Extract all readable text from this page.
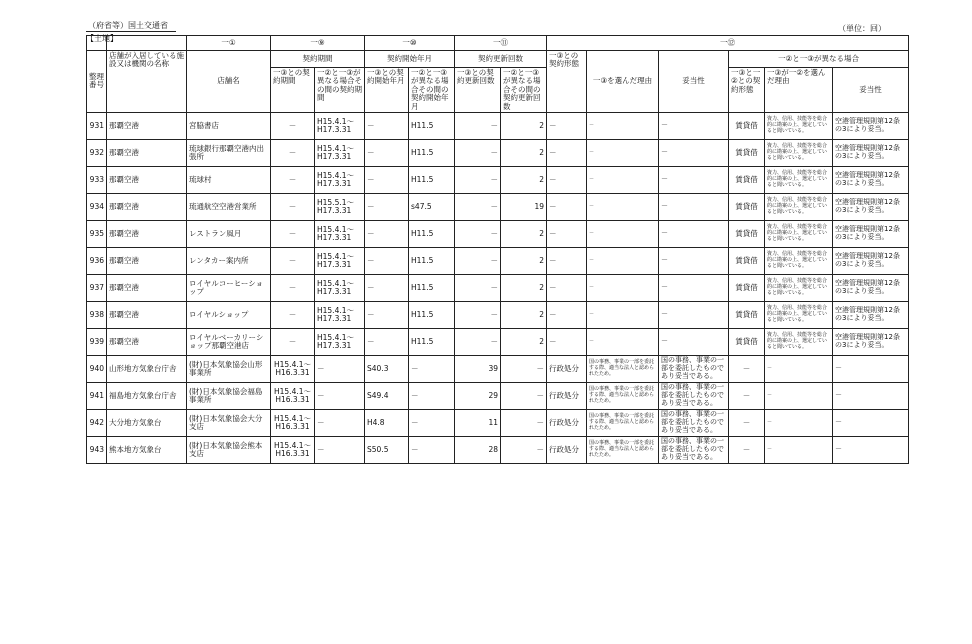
（府省等）国土交通省
【土地】
（単位：回）
		一①	一⑨		一⑩		一⑪		一⑫					
整理番号	店舗が入居している施設又は機関の名称	店舗名	契約期間		契約開始年月		契約更新回数		一③との契約形態	一③を選んだ理由	妥当性	一②と一③が異なる場合		
			一③との契約期間	一②と一③が異なる場合その間の契約期間	一③との契約開始年月	一②と一③が異なる場合その間の契約開始年月	一③との契約更新回数	一②と一③が異なる場合その間の契約更新回数				一③と一②との契約形態	一③が一②を選んだ理由	妥当性
931	那覇空港	宮脇書店	－	H15.4.1～H17.3.31	－	H11.5	－	2	－	－	－	賃貸借	資力、信用、技能等を総合的に勘案の上、選定していると聞いている。	空港管理規則第12条の3により妥当。
932	那覇空港	琉球銀行那覇空港内出張所	－	H15.4.1～H17.3.31	－	H11.5	－	2	－	－	－	賃貸借	資力、信用、技能等を総合的に勘案の上、選定していると聞いている。	空港管理規則第12条の3により妥当。
933	那覇空港	琉球村	－	H15.4.1～H17.3.31	－	H11.5	－	2	－	－	－	賃貸借	資力、信用、技能等を総合的に勘案の上、選定していると聞いている。	空港管理規則第12条の3により妥当。
934	那覇空港	琉通航空空港営業所	－	H15.5.1～H17.3.31	－	s47.5	－	19	－	－	－	賃貸借	資力、信用、技能等を総合的に勘案の上、選定していると聞いている。	空港管理規則第12条の3により妥当。
935	那覇空港	レストラン風月	－	H15.4.1～H17.3.31	－	H11.5	－	2	－	－	－	賃貸借	資力、信用、技能等を総合的に勘案の上、選定していると聞いている。	空港管理規則第12条の3により妥当。
936	那覇空港	レンタカー案内所	－	H15.4.1～H17.3.31	－	H11.5	－	2	－	－	－	賃貸借	資力、信用、技能等を総合的に勘案の上、選定していると聞いている。	空港管理規則第12条の3により妥当。
937	那覇空港	ロイヤルコーヒーショップ	－	H15.4.1～H17.3.31	－	H11.5	－	2	－	－	－	賃貸借	資力、信用、技能等を総合的に勘案の上、選定していると聞いている。	空港管理規則第12条の3により妥当。
938	那覇空港	ロイヤルショップ	－	H15.4.1～H17.3.31	－	H11.5	－	2	－	－	－	賃貸借	資力、信用、技能等を総合的に勘案の上、選定していると聞いている。	空港管理規則第12条の3により妥当。
939	那覇空港	ロイヤルベーカリーショップ那覇空港店	－	H15.4.1～H17.3.31	－	H11.5	－	2	－	－	－	賃貸借	資力、信用、技能等を総合的に勘案の上、選定していると聞いている。	空港管理規則第12条の3により妥当。
940	山形地方気象台庁舎	(財)日本気象協会山形事業所	H15.4.1～H16.3.31	－	S40.3	－	39	－	行政処分	国の事務、事業の一部を委託する際、適当な法人と認められたため。	国の事務、事業の一部を委託したものであり妥当である。	－	－	－
941	福島地方気象台庁舎	(財)日本気象協会福島事業所	H15.4.1～H16.3.31	－	S49.4	－	29	－	行政処分	国の事務、事業の一部を委託する際、適当な法人と認められたため。	国の事務、事業の一部を委託したものであり妥当である。	－	－	－
942	大分地方気象台	(財)日本気象協会大分支店	H15.4.1～H16.3.31	－	H4.8	－	11	－	行政処分	国の事務、事業の一部を委託する際、適当な法人と認められたため。	国の事務、事業の一部を委託したものであり妥当である。	－	－	－
943	熊本地方気象台	(財)日本気象協会熊本支店	H15.4.1～H16.3.31	－	S50.5	－	28	－	行政処分	国の事務、事業の一部を委託する際、適当な法人と認められたため。	国の事務、事業の一部を委託したものであり妥当である。	－	－	－
